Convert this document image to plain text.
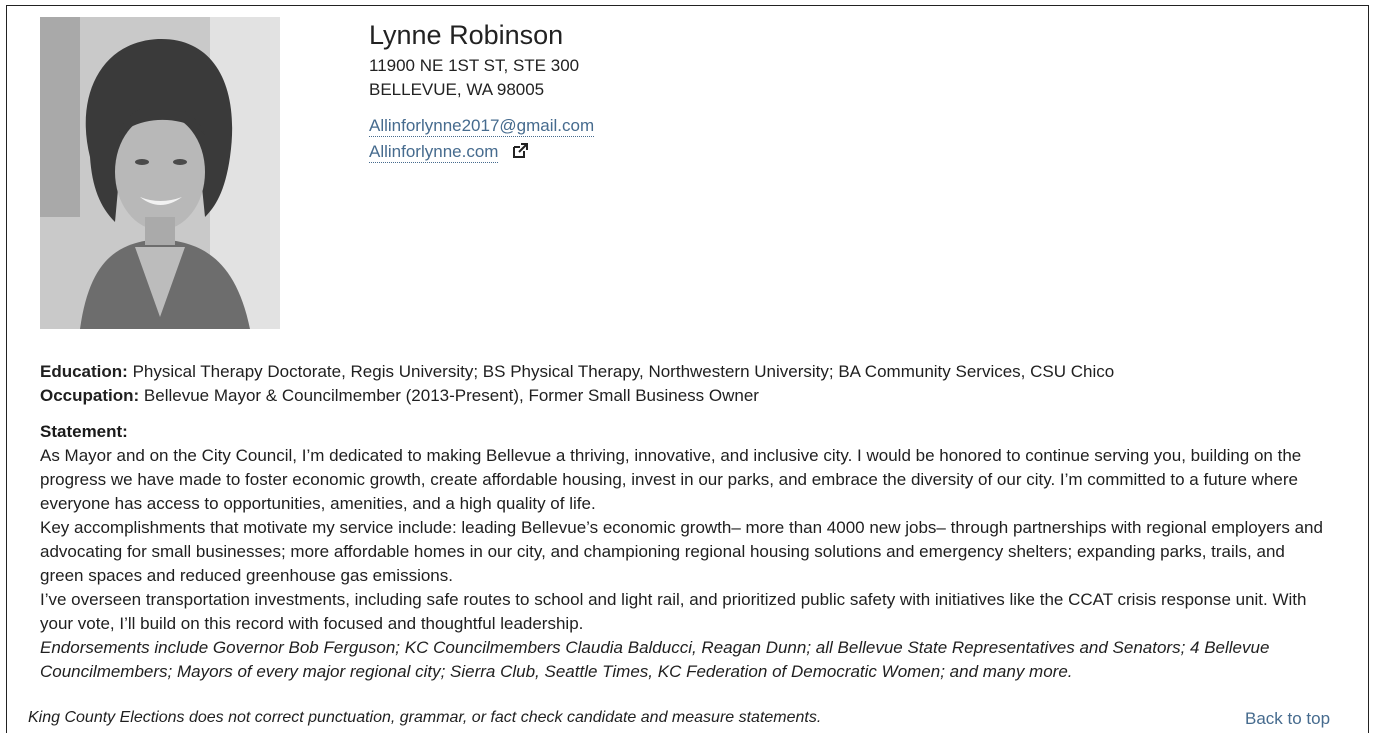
Lynne Robinson
11900 NE 1ST ST, STE 300
BELLEVUE, WA 98005
Allinforlynne2017@gmail.com
Allinforlynne.com
Education: Physical Therapy Doctorate, Regis University; BS Physical Therapy, Northwestern University; BA Community Services, CSU Chico
Occupation: Bellevue Mayor & Councilmember (2013-Present), Former Small Business Owner
Statement:

As Mayor and on the City Council, I’m dedicated to making Bellevue a thriving, innovative, and inclusive city. I would be honored to continue serving you, building on the progress we have made to foster economic growth, create affordable housing, invest in our parks, and embrace the diversity of our city. I’m committed to a future where everyone has access to opportunities, amenities, and a high quality of life.

Key accomplishments that motivate my service include: leading Bellevue’s economic growth– more than 4000 new jobs– through partnerships with regional employers and advocating for small businesses; more affordable homes in our city, and championing regional housing solutions and emergency shelters; expanding parks, trails, and green spaces and reduced greenhouse gas emissions.

I’ve overseen transportation investments, including safe routes to school and light rail, and prioritized public safety with initiatives like the CCAT crisis response unit. With your vote, I’ll build on this record with focused and thoughtful leadership.

Endorsements include Governor Bob Ferguson; KC Councilmembers Claudia Balducci, Reagan Dunn; all Bellevue State Representatives and Senators; 4 Bellevue Councilmembers; Mayors of every major regional city; Sierra Club, Seattle Times, KC Federation of Democratic Women; and many more.

King County Elections does not correct punctuation, grammar, or fact check candidate and measure statements.	Back to top
